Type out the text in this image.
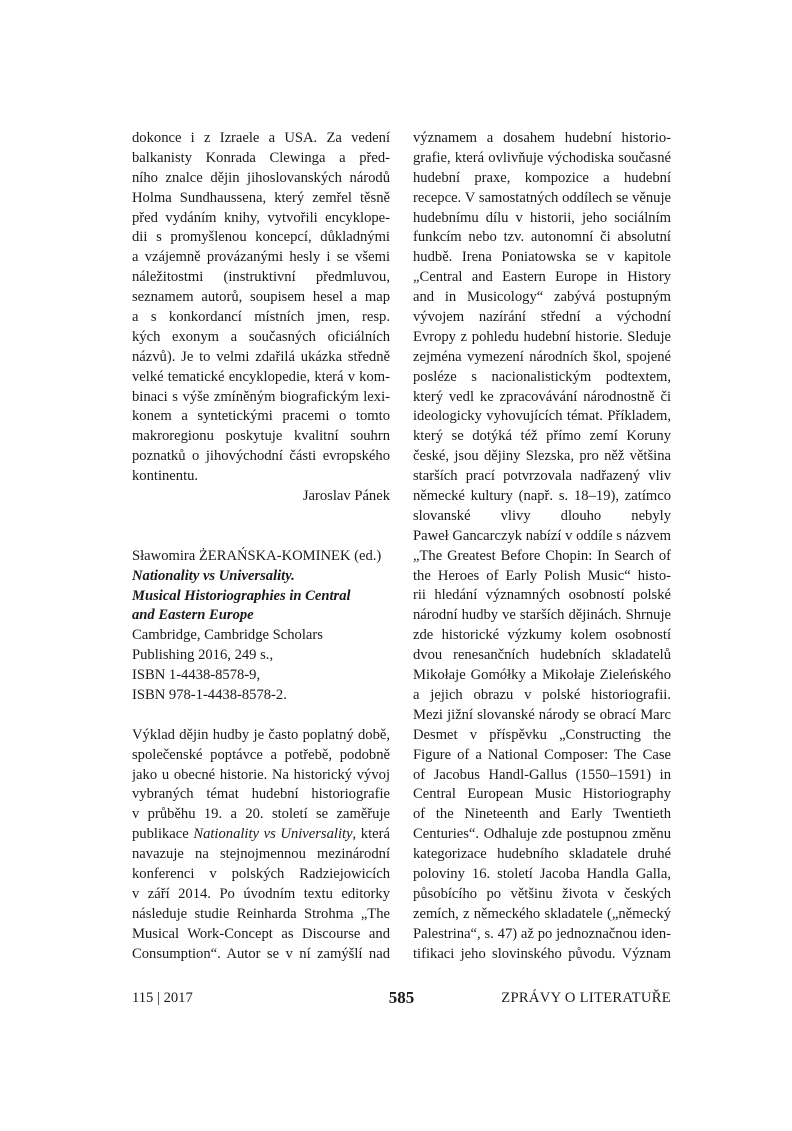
dokonce i z Izraele a USA. Za vedení
balkanisty Konrada Clewinga a před-
ního znalce dějin jihoslovanských národů
Holma Sundhaussena, který zemřel těsně
před vydáním knihy, vytvořili encyklope-
dii s promyšlenou koncepcí, důkladnými
a vzájemně provázanými hesly i se všemi
náležitostmi (instruktivní předmluvou,
seznamem autorů, soupisem hesel a map
a s konkordancí místních jmen, resp.
kých exonym a současných oficiálních
názvů). Je to velmi zdařilá ukázka středně
velké tematické encyklopedie, která v kom-
binaci s výše zmíněným biografickým lexi-
konem a syntetickými pracemi o tomto
makroregionu poskytuje kvalitní souhrn
poznatků o jihovýchodní části evropského
kontinentu.
Jaroslav Pánek
Sławomira ŻERAŃSKA-KOMINEK (ed.)
Nationality vs Universality.
Musical Historiographies in Central
and Eastern Europe
Cambridge, Cambridge Scholars
Publishing 2016, 249 s.,
ISBN 1-4438-8578-9,
ISBN 978-1-4438-8578-2.
Výklad dějin hudby je často poplatný době,
společenské poptávce a potřebě, podobně
jako u obecné historie. Na historický vývoj
vybraných témat hudební historiografie
v průběhu 19. a 20. století se zaměřuje
publikace Nationality vs Universality, která
navazuje na stejnojmennou mezinárodní
konferenci v polských Radziejowicích
v září 2014. Po úvodním textu editorky
následuje studie Reinharda Strohma „The
Musical Work-Concept as Discourse and
Consumption“. Autor se v ní zamýšlí nad
významem a dosahem hudební historio-
grafie, která ovlivňuje východiska současné
hudební praxe, kompozice a hudební
recepce. V samostatných oddílech se věnuje
hudebnímu dílu v historii, jeho sociálním
funkcím nebo tzv. autonomní či absolutní
hudbě. Irena Poniatowska se v kapitole
„Central and Eastern Europe in History
and in Musicology“ zabývá postupným
vývojem nazírání střední a východní
Evropy z pohledu hudební historie. Sleduje
zejména vymezení národních škol, spojené
posléze s nacionalistickým podtextem,
který vedl ke zpracovávání národnostně či
ideologicky vyhovujících témat. Příkladem,
který se dotýká též přímo zemí Koruny
české, jsou dějiny Slezska, pro něž většina
starších prací potvrzovala nadřazený vliv
německé kultury (např. s. 18–19), zatímco
slovanské vlivy dlouho nebyly
Paweł Gancarczyk nabízí v oddíle s názvem
„The Greatest Before Chopin: In Search of
the Heroes of Early Polish Music“ histo-
rii hledání významných osobností polské
národní hudby ve starších dějinách. Shrnuje
zde historické výzkumy kolem osobností
dvou renesančních hudebních skladatelů
Mikołaje Gomółky a Mikołaje Zieleńského
a jejich obrazu v polské historiografii.
Mezi jižní slovanské národy se obrací Marc
Desmet v příspěvku „Constructing the
Figure of a National Composer: The Case
of Jacobus Handl-Gallus (1550–1591) in
Central European Music Historiography
of the Nineteenth and Early Twentieth
Centuries“. Odhaluje zde postupnou změnu
kategorizace hudebního skladatele druhé
poloviny 16. století Jacoba Handla Galla,
působícího po většinu života v českých
zemích, z německého skladatele („německý
Palestrina“, s. 47) až po jednoznačnou iden-
tifikaci jeho slovinského původu. Význam
115 | 2017	585	ZPRÁVY O LITERATUŘE
